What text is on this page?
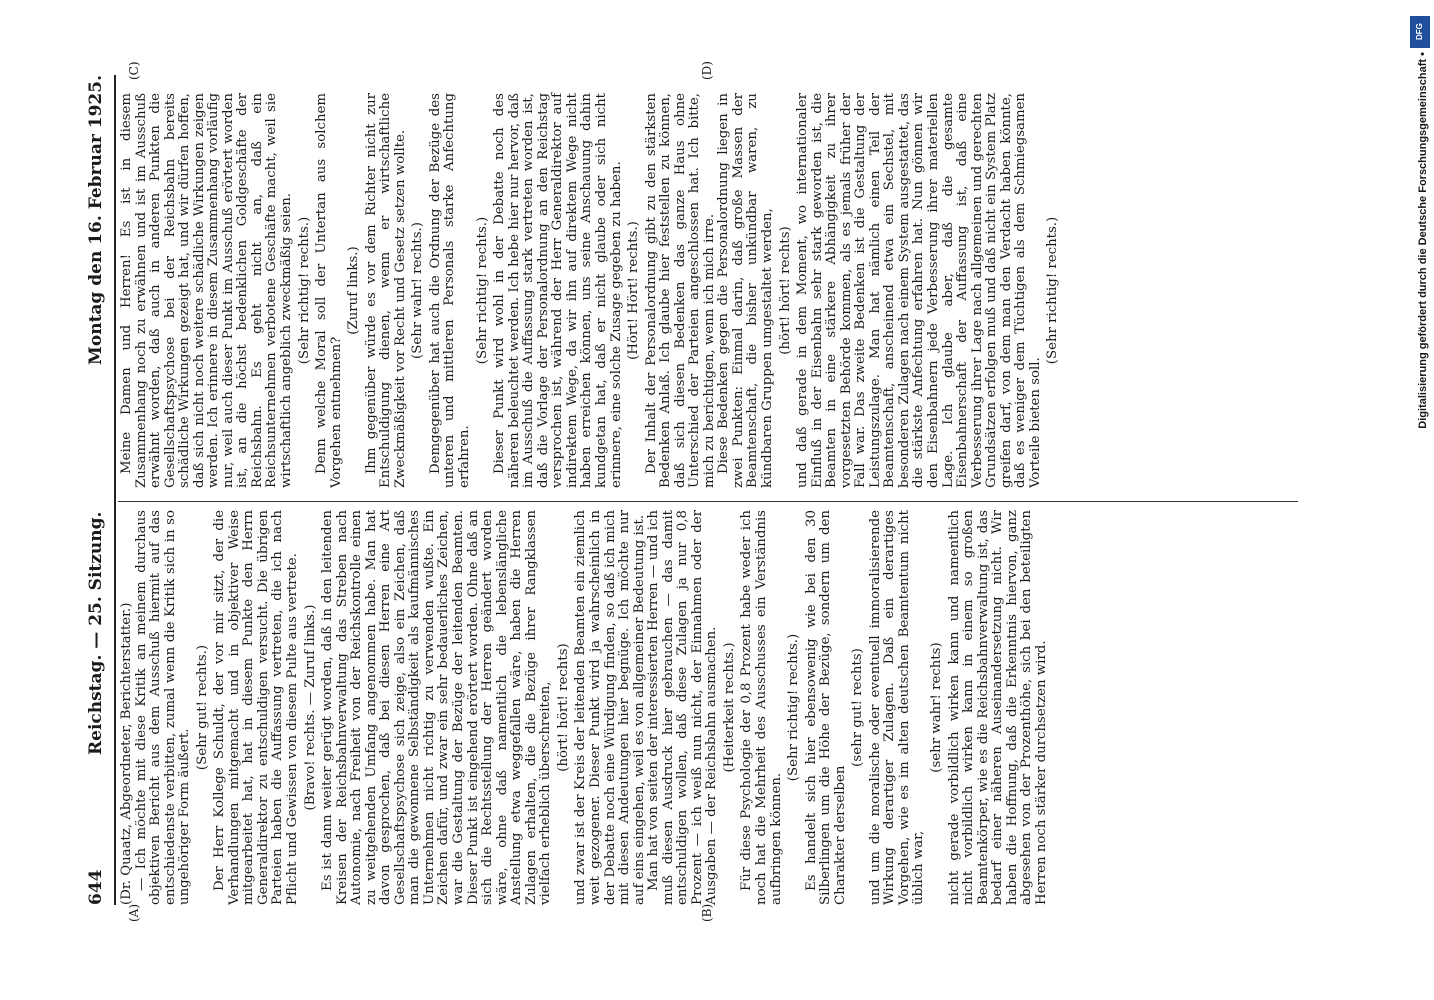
644
Reichstag. — 25. Sitzung.
Montag den 16. Februar 1925.
(A)	(B)
(C)	(D)

(Dr. Quaatz, Abgeordneter, Berichterstatter.) — Ich möchte mit diese Kritik an meinem durchaus objektiven Bericht aus dem Ausschuß hiermit auf das entschiedenste verbitten, zumal wenn die Kritik sich in so ungehöriger Form äußert.

(Sehr gut! rechts.) Der Herr Kollege Schuldt, der vor mir sitzt, der die Verhandlungen mitgemacht und in objektiver Weise mitgearbeitet hat, hat in diesem Punkte den Herrn Generaldirektor zu entschuldigen versucht. Die übrigen Parteien haben die Auffassung vertreten, die ich nach Pflicht und Gewissen von diesem Pulte aus vertrete. (Bravo! rechts. — Zuruf links.) Es ist dann weiter gerügt worden, daß in den leitenden Kreisen der Reichsbahnverwaltung das Streben nach Autonomie, nach Freiheit von der Reichskontrolle einen zu weitgehenden Umfang angenommen habe. Man hat davon gesprochen, daß bei diesen Herren eine Art Gesellschaftspsychose sich zeige, also ein Zeichen, daß man die gewonnene Selbständigkeit als kaufmännisches Unternehmen nicht richtig zu verwenden wußte. Ein Zeichen dafür, und zwar ein sehr bedauerliches Zeichen, war die Gestaltung der Bezüge der leitenden Beamten. Dieser Punkt ist eingehend erörtert worden. Ohne daß an sich die Rechtsstellung der Herren geändert worden wäre, ohne daß namentlich die lebenslängliche Anstellung etwa weggefallen wäre, haben die Herren Zulagen erhalten, die die Bezüge ihrer Rangklassen vielfach erheblich überschreiten, (hört! hört! rechts) und zwar ist der Kreis der leitenden Beamten ein ziemlich weit gezogener. Dieser Punkt wird ja wahrscheinlich in der Debatte noch eine Würdigung finden, so daß ich mich mit diesen Andeutungen hier begnüge. Ich möchte nur auf eins eingehen, weil es von allgemeiner Bedeutung ist. Man hat von seiten der interessierten Herren — und ich muß diesen Ausdruck hier gebrauchen — das damit entschuldigen wollen, daß diese Zulagen ja nur 0,8 Prozent — ich weiß nun nicht, der Einnahmen oder der Ausgaben — der Reichsbahn ausmachen. (Heiterkeit rechts.) Für diese Psychologie der 0,8 Prozent habe weder ich noch hat die Mehrheit des Ausschusses ein Verständnis aufbringen können.

(Sehr richtig! rechts.) Es handelt sich hier ebensowenig wie bei den 30 Silberlingen um die Höhe der Bezüge, sondern um den Charakter derselben

(sehr gut! rechts) und um die moralische oder eventuell immoralisierende Wirkung derartiger Zulagen. Daß ein derartiges Vorgehen, wie es im alten deutschen Beamtentum nicht üblich war,

(sehr wahr! rechts) nicht gerade vorbildlich wirken kann und namentlich nicht vorbildlich wirken kann in einem so großen Beamtenkörper, wie es die Reichsbahnverwaltung ist, das bedarf einer näheren Auseinandersetzung nicht. Wir haben die Hoffnung, daß die Erkenntnis hiervon, ganz abgesehen von der Prozenthöhe, sich bei den beteiligten Herren noch stärker durchsetzen wird.

Meine Damen und Herren! Es ist in diesem Zusammenhang noch zu erwähnen und ist im Ausschuß erwähnt worden, daß auch in anderen Punkten die Gesellschaftspsychose bei der Reichsbahn bereits schädliche Wirkungen gezeigt hat, und wir dürfen hoffen, daß sich nicht noch weitere schädliche Wirkungen zeigen werden. Ich erinnere in diesem Zusammenhang vorläufig nur, weil auch dieser Punkt im Ausschuß erörtert worden ist, an die höchst bedenklichen Goldgeschäfte der Reichsbahn. Es geht nicht an, daß ein Reichsunternehmen verbotene Geschäfte macht, weil sie wirtschaftlich angeblich zweckmäßig seien. (Sehr richtig! rechts.) Denn welche Moral soll der Untertan aus solchem Vorgehen entnehmen?

(Zuruf links.) Ihm gegenüber würde es vor dem Richter nicht zur Entschuldigung dienen, wenn er wirtschaftliche Zweckmäßigkeit vor Recht und Gesetz setzen wollte. (Sehr wahr! rechts.) Demgegenüber hat auch die Ordnung der Bezüge des unteren und mittleren Personals starke Anfechtung erfahren.

(Sehr richtig! rechts.) Dieser Punkt wird wohl in der Debatte noch des näheren beleuchtet werden. Ich hebe hier nur hervor, daß im Ausschuß die Auffassung stark vertreten worden ist, daß die Vorlage der Personalordnung an den Reichstag versprochen ist, während der Herr Generaldirektor auf indirektem Wege, da wir ihn auf direktem Wege nicht haben erreichen können, uns seine Anschauung dahin kundgetan hat, daß er nicht glaube oder sich nicht erinnere, eine solche Zusage gegeben zu haben. (Hört! Hört! rechts.) Der Inhalt der Personalordnung gibt zu den stärksten Bedenken Anlaß. Ich glaube hier feststellen zu können, daß sich diesen Bedenken das ganze Haus ohne Unterschied der Parteien angeschlossen hat. Ich bitte, mich zu berichtigen, wenn ich mich irre. Diese Bedenken gegen die Personalordnung liegen in zwei Punkten: Einmal darin, daß große Massen der Beamtenschaft, die bisher unkündbar waren, zu kündbaren Gruppen umgestaltet werden, (hört! hört! rechts) und daß gerade in dem Moment, wo internationaler Einfluß in der Eisenbahn sehr stark geworden ist, die Beamten in eine stärkere Abhängigkeit zu ihrer vorgesetzten Behörde kommen, als es jemals früher der Fall war. Das zweite Bedenken ist die Gestaltung der Leistungszulage. Man hat nämlich einen Teil der Beamtenschaft, anscheinend etwa ein Sechstel, mit besonderen Zulagen nach einem System ausgestattet, das die stärkste Anfechtung erfahren hat. Nun gönnen wir den Eisenbahnern jede Verbesserung ihrer materiellen Lage. Ich glaube aber, daß die gesamte Eisenbahnerschaft der Auffassung ist, daß eine Verbesserung ihrer Lage nach allgemeinen und gerechten Grundsätzen erfolgen muß und daß nicht ein System Platz greifen darf, von dem man den Verdacht haben könnte, daß es weniger dem Tüchtigen als dem Schmiegsamen Vorteile bieten soll.

(Sehr richtig! rechts.)	Digitalisierung gefördert durch die Deutsche Forschungsgemeinschaft •
DFG
